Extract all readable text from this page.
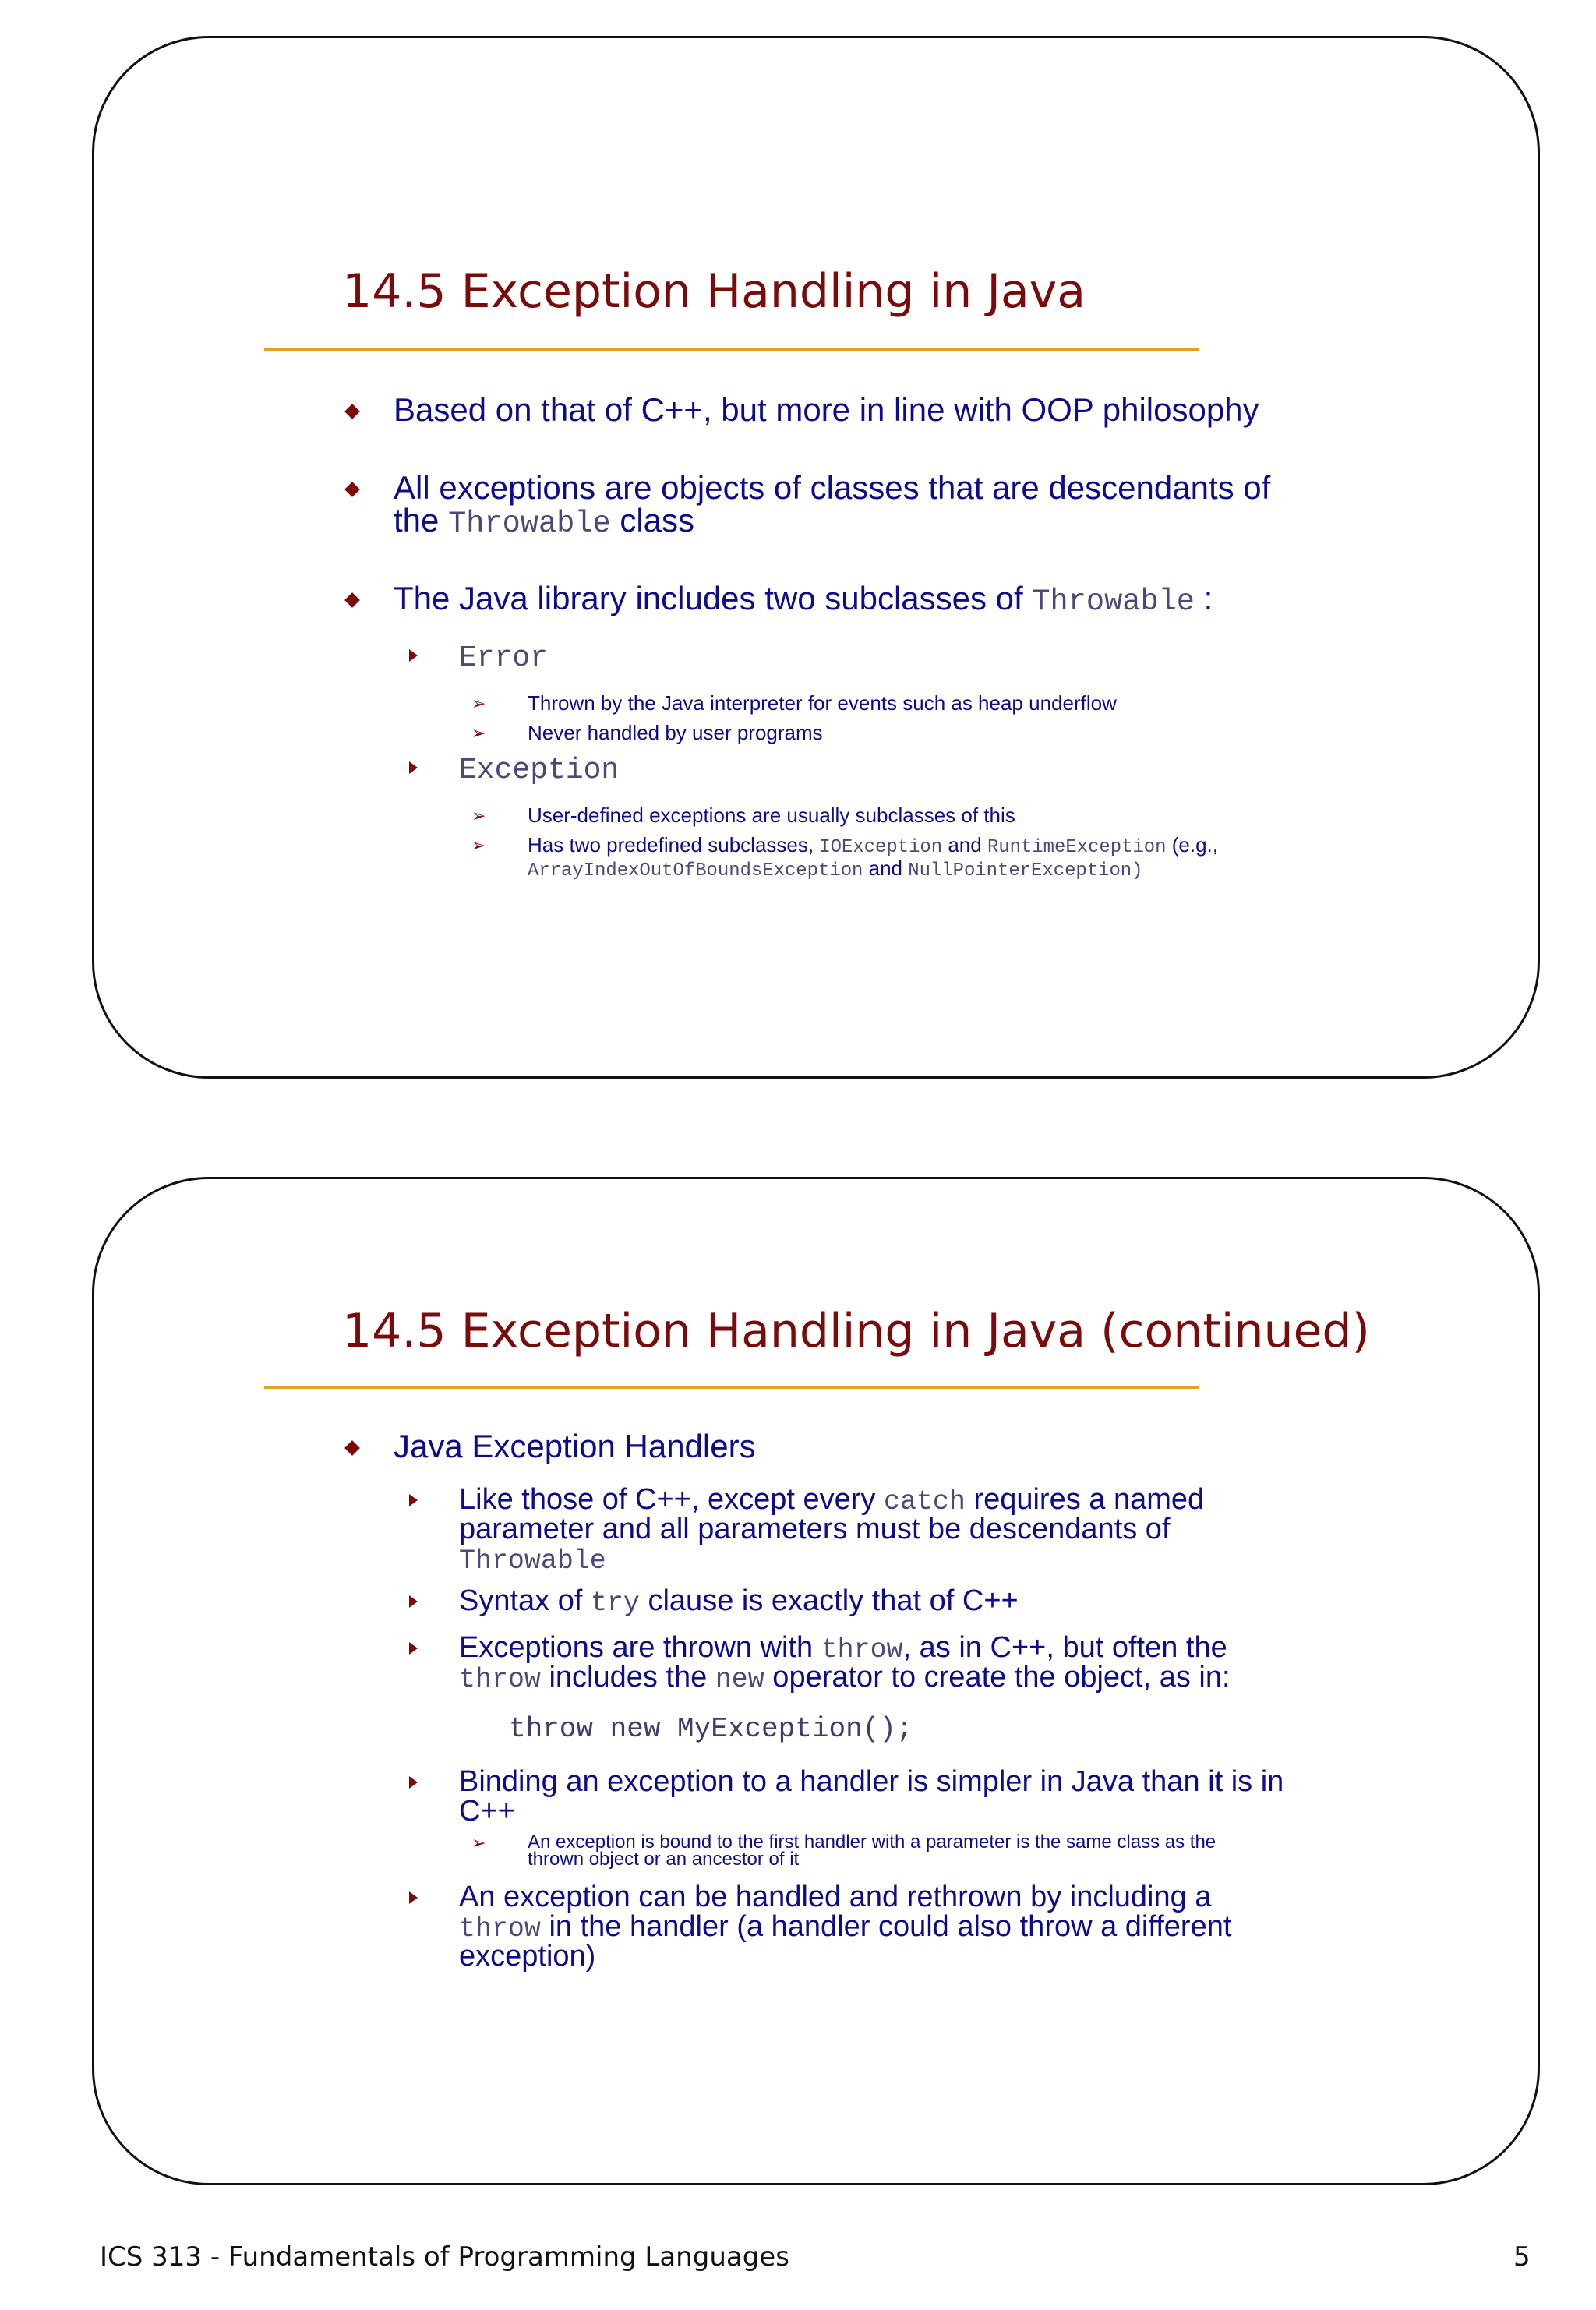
14.5 Exception Handling in Java

Based on that of C++, but more in line with OOP philosophy

All exceptions are objects of classes that are descendants of

the Throwable class

The Java library includes two subclasses of Throwable :

Error

➢ Thrown by the Java interpreter for events such as heap underflow

➢ Never handled by user programs

Exception

➢ User-defined exceptions are usually subclasses of this

➢ Has two predefined subclasses, IOException and RuntimeException (e.g.,

ArrayIndexOutOfBoundsException and NullPointerException)

14.5 Exception Handling in Java (continued)

Java Exception Handlers

Like those of C++, except every catch requires a named

parameter and all parameters must be descendants of

Throwable

Syntax of try clause is exactly that of C++

Exceptions are thrown with throw, as in C++, but often the

throw includes the new operator to create the object, as in:

throw new MyException();

Binding an exception to a handler is simpler in Java than it is in

C++

➢ An exception is bound to the first handler with a parameter is the same class as the

thrown object or an ancestor of it

An exception can be handled and rethrown by including a

throw in the handler (a handler could also throw a different

exception)

ICS 313 - Fundamentals of Programming Languages	5
